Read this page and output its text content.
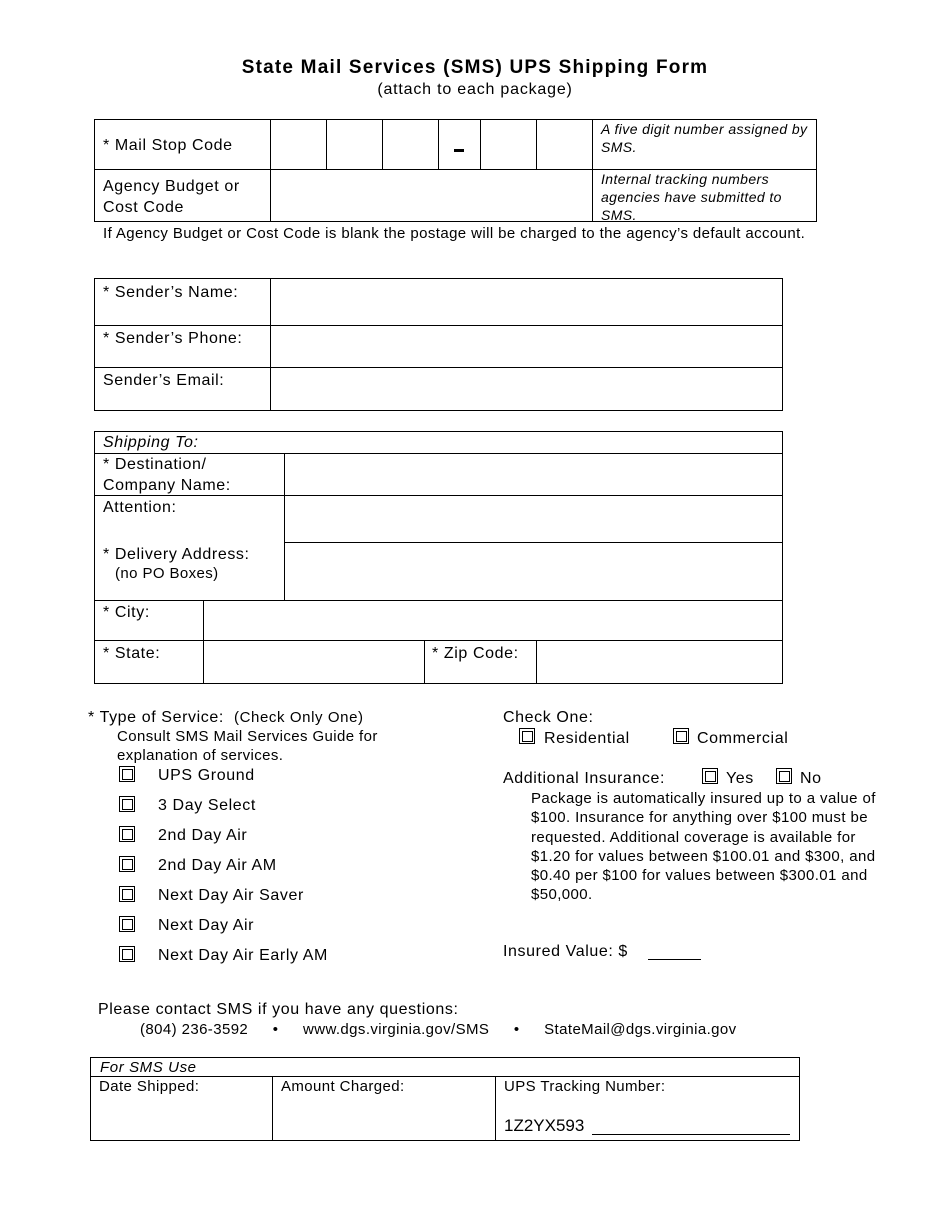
State Mail Services (SMS) UPS Shipping Form
(attach to each package)
* Mail Stop Code
A five digit number assigned by SMS.
Agency Budget or Cost Code
Internal tracking numbers agencies have submitted to SMS.
If Agency Budget or Cost Code is blank the postage will be charged to the agency’s default account.
* Sender’s Name:
* Sender’s Phone:
Sender’s Email:
Shipping To:
* Destination/ Company Name:
Attention:
* Delivery Address:
(no PO Boxes)
* City:
* State:	* Zip Code:
* Type of Service: (Check Only One)
Consult SMS Mail Services Guide for explanation of services.
UPS Ground
3 Day Select
2nd Day Air
2nd Day Air AM
Next Day Air Saver
Next Day Air
Next Day Air Early AM
Check One:
Residential	Commercial
Additional Insurance:	Yes	No
Package is automatically insured up to a value of $100. Insurance for anything over $100 must be requested. Additional coverage is available for $1.20 for values between $100.01 and $300, and $0.40 per $100 for values between $300.01 and $50,000.
Insured Value: $
Please contact SMS if you have any questions:
(804) 236-3592 • www.dgs.virginia.gov/SMS • StateMail@dgs.virginia.gov
For SMS Use
Date Shipped:	Amount Charged:	UPS Tracking Number:
1Z2YX593
